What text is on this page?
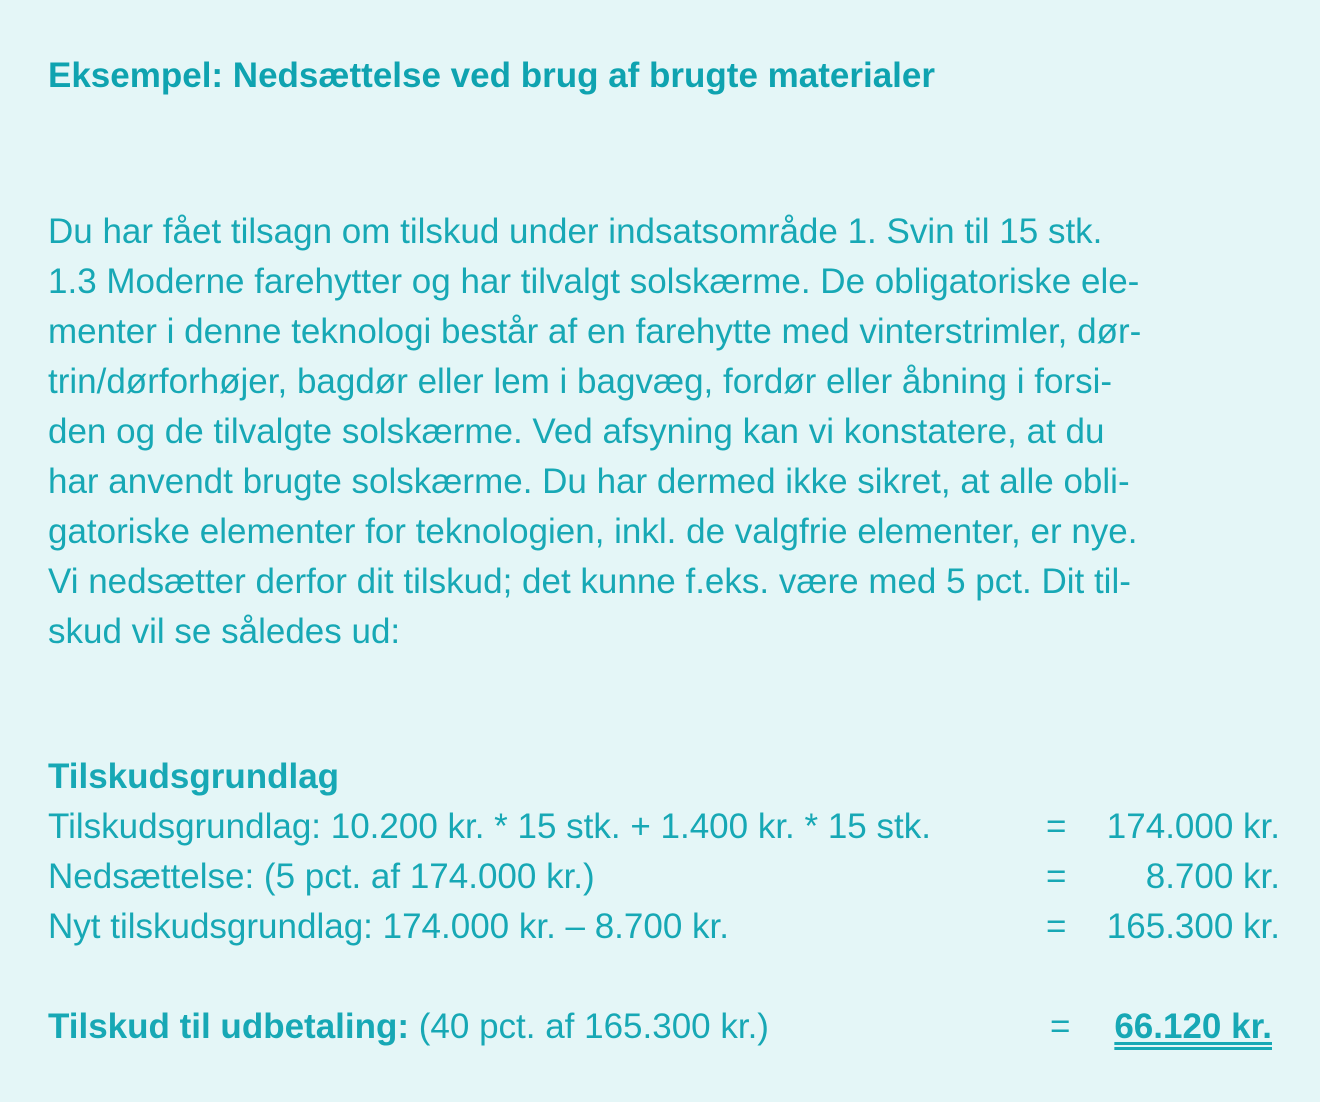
Eksempel: Nedsættelse ved brug af brugte materialer
Du har fået tilsagn om tilskud under indsatsområde 1. Svin til 15 stk.
1.3 Moderne farehytter og har tilvalgt solskærme. De obligatoriske ele-
menter i denne teknologi består af en farehytte med vinterstrimler, dør-
trin/dørforhøjer, bagdør eller lem i bagvæg, fordør eller åbning i forsi-
den og de tilvalgte solskærme. Ved afsyning kan vi konstatere, at du
har anvendt brugte solskærme. Du har dermed ikke sikret, at alle obli-
gatoriske elementer for teknologien, inkl. de valgfrie elementer, er nye.
Vi nedsætter derfor dit tilskud; det kunne f.eks. være med 5 pct. Dit til-
skud vil se således ud:
Tilskudsgrundlag
Tilskudsgrundlag: 10.200 kr. * 15 stk. + 1.400 kr. * 15 stk.	= 174.000 kr.
Nedsættelse: (5 pct. af 174.000 kr.)	= 8.700 kr.
Nyt tilskudsgrundlag: 174.000 kr. – 8.700 kr.	= 165.300 kr.
Tilskud til udbetaling: (40 pct. af 165.300 kr.)	= 66.120 kr.
